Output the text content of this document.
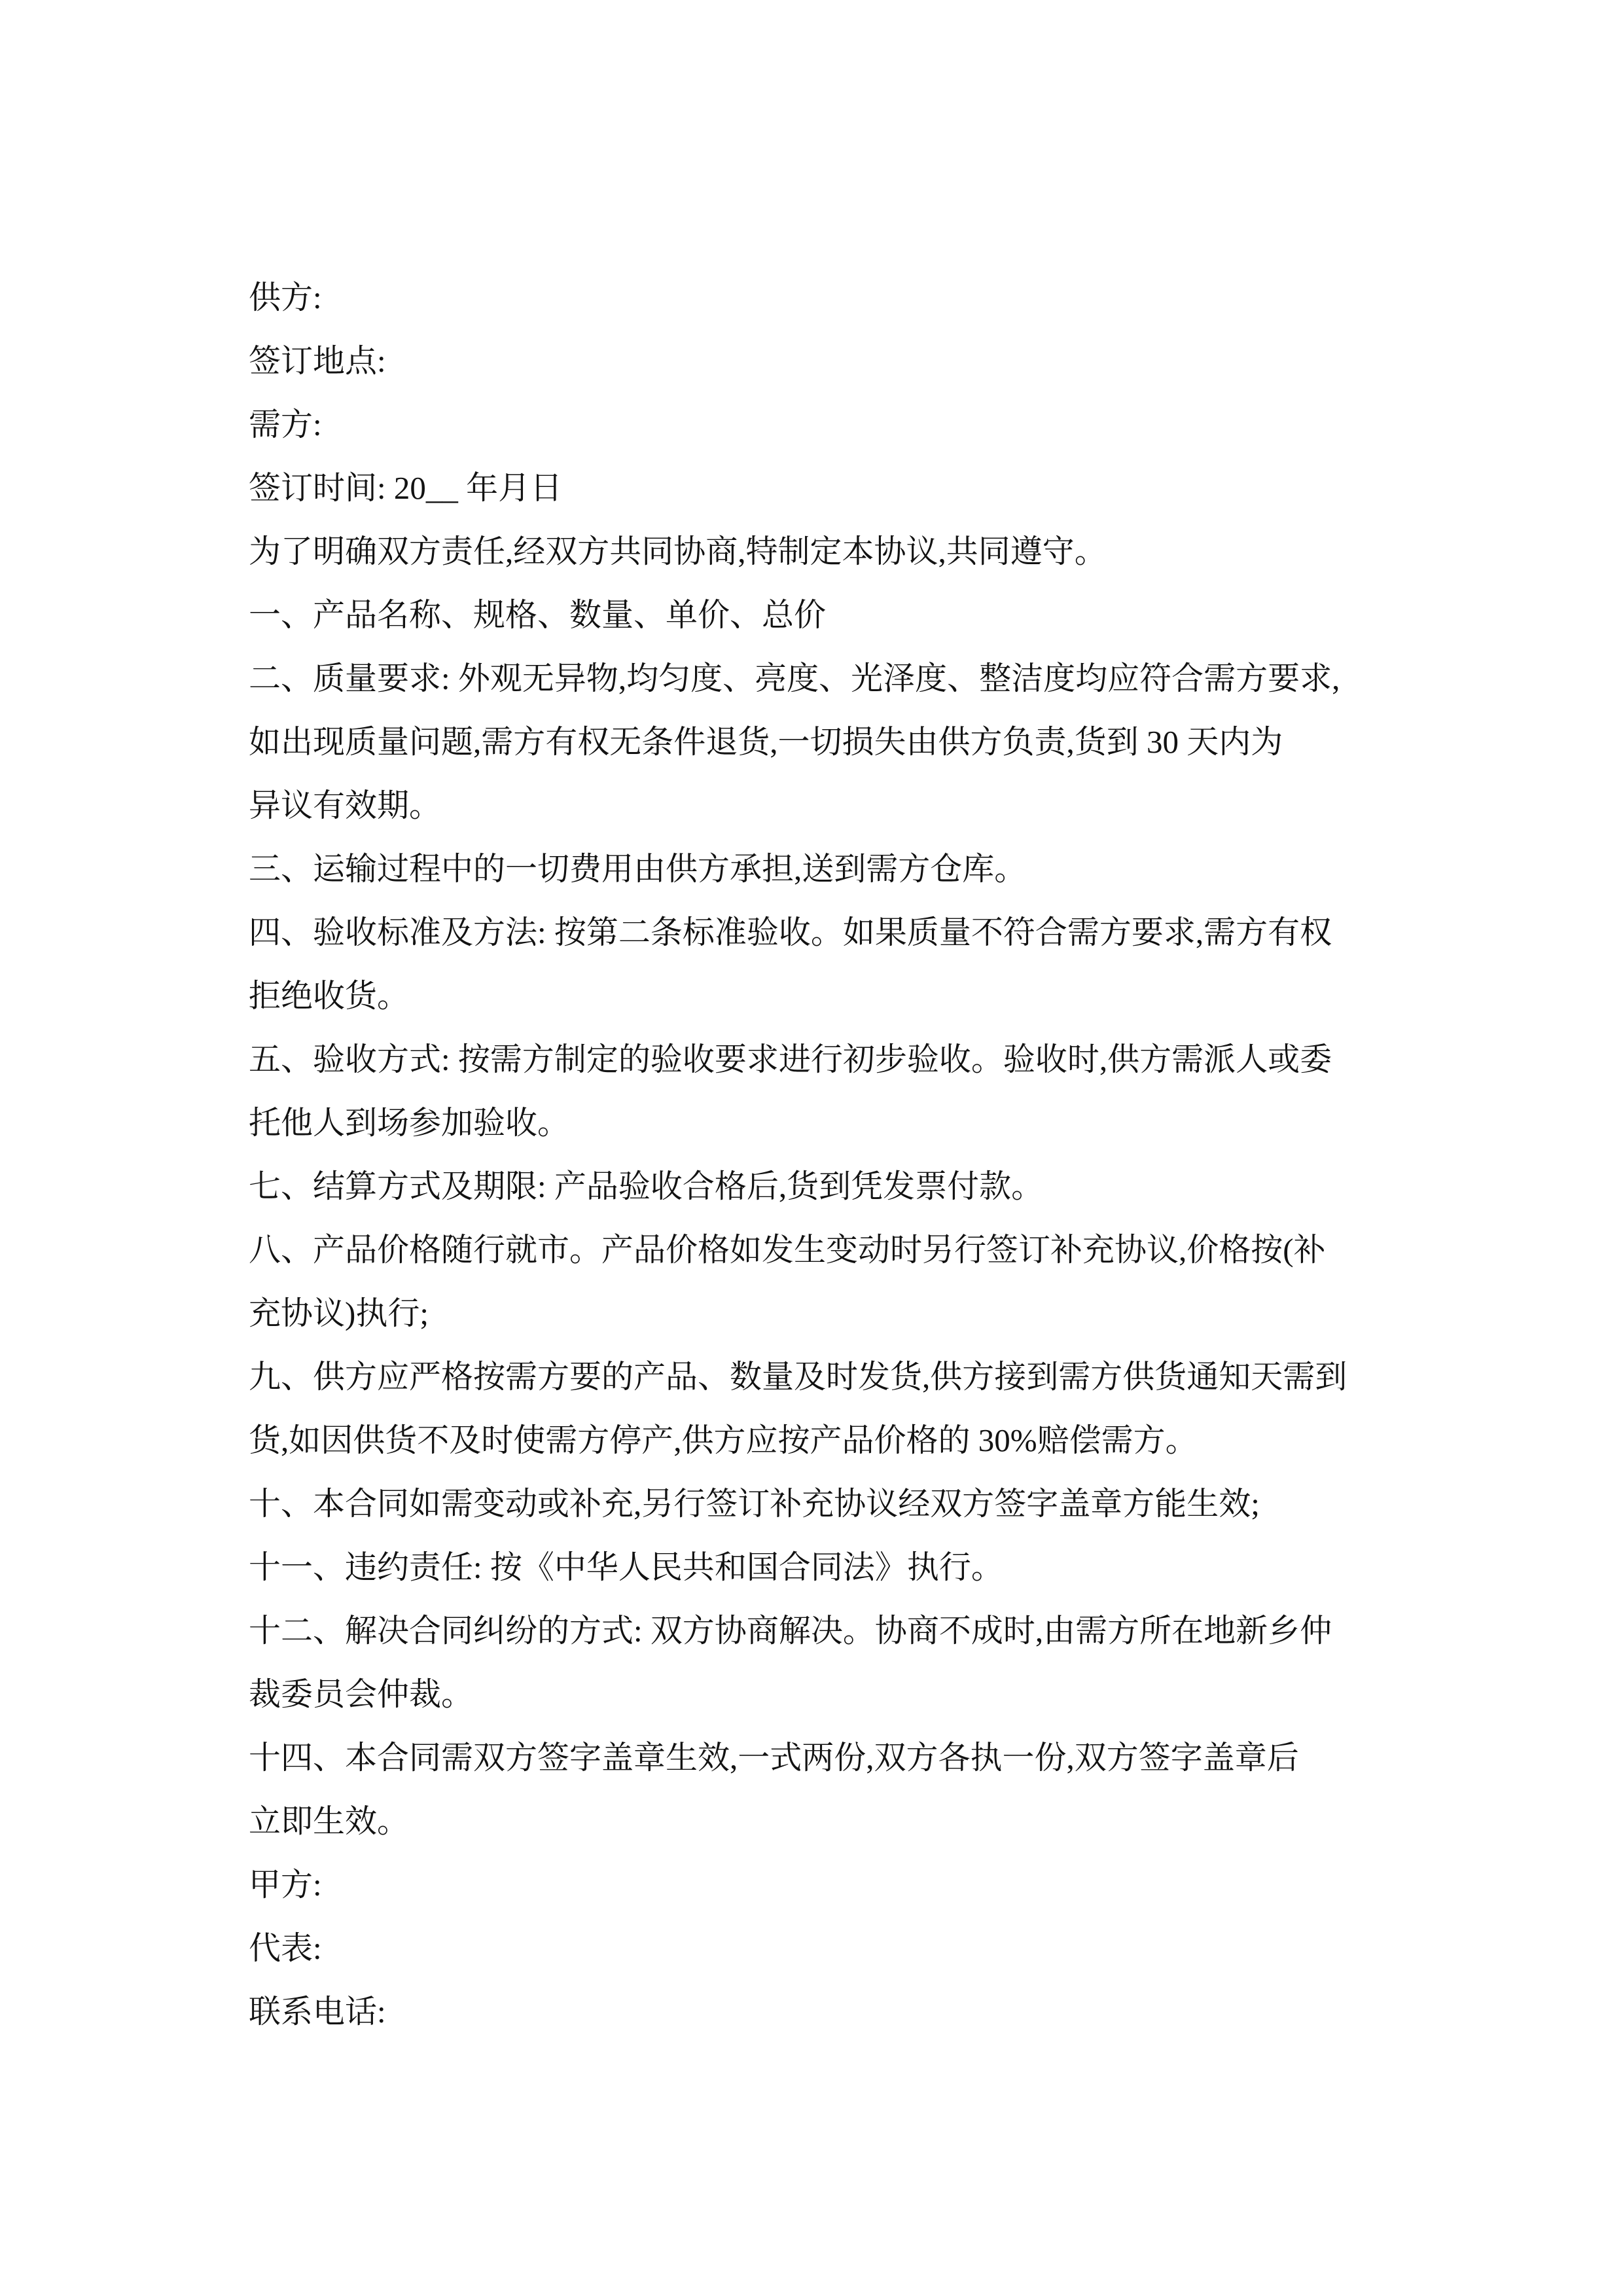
供方:
签订地点:
需方:
签订时间: 20__ 年月日
为了明确双方责任,经双方共同协商,特制定本协议,共同遵守。
一、产品名称、规格、数量、单价、总价
二、质量要求: 外观无异物,均匀度、亮度、光泽度、整洁度均应符合需方要求,
如出现质量问题,需方有权无条件退货,一切损失由供方负责,货到 30 天内为
异议有效期。
三、运输过程中的一切费用由供方承担,送到需方仓库。
四、验收标准及方法: 按第二条标准验收。如果质量不符合需方要求,需方有权
拒绝收货。
五、验收方式: 按需方制定的验收要求进行初步验收。验收时,供方需派人或委
托他人到场参加验收。
七、结算方式及期限: 产品验收合格后,货到凭发票付款。
八、产品价格随行就市。产品价格如发生变动时另行签订补充协议,价格按(补
充协议)执行;
九、供方应严格按需方要的产品、数量及时发货,供方接到需方供货通知天需到
货,如因供货不及时使需方停产,供方应按产品价格的 30%赔偿需方。
十、本合同如需变动或补充,另行签订补充协议经双方签字盖章方能生效;
十一、违约责任: 按《中华人民共和国合同法》执行。
十二、解决合同纠纷的方式: 双方协商解决。协商不成时,由需方所在地新乡仲
裁委员会仲裁。
十四、本合同需双方签字盖章生效,一式两份,双方各执一份,双方签字盖章后
立即生效。
甲方:
代表:
联系电话:
